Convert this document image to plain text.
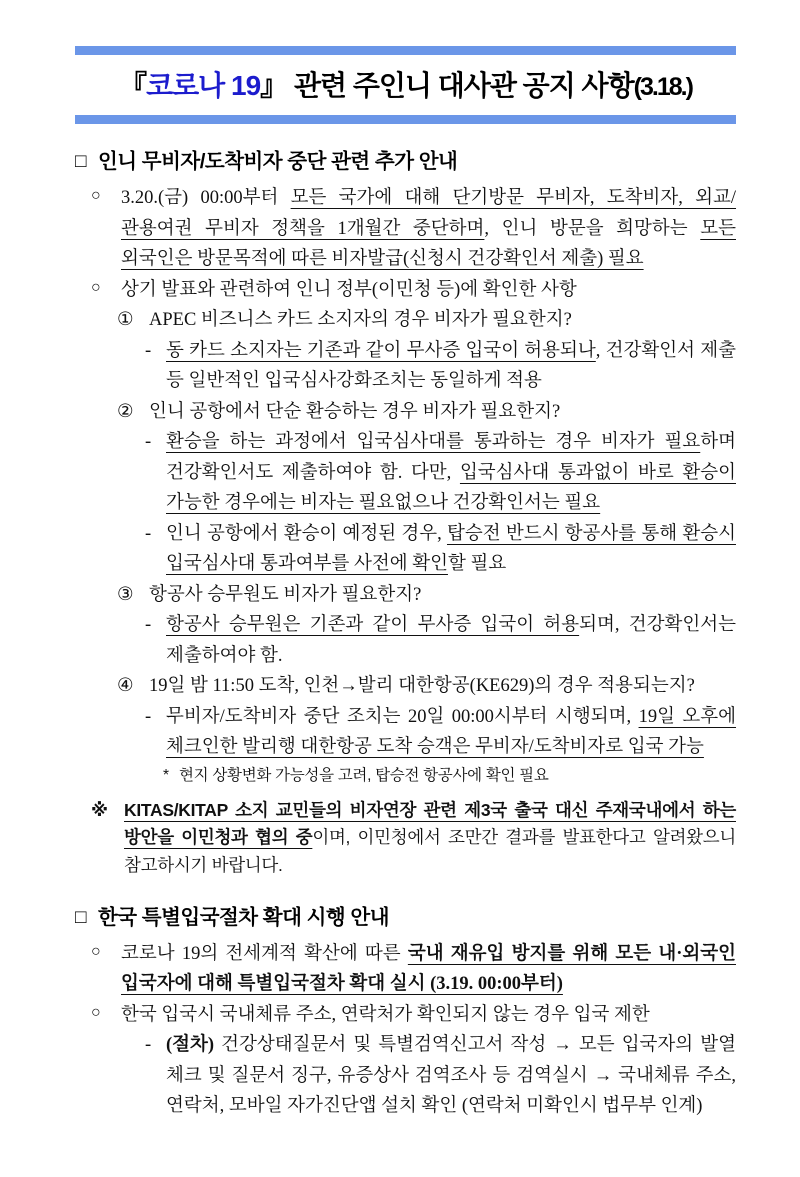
『코로나 19』 관련 주인니 대사관 공지 사항(3.18.)
□ 인니 무비자/도착비자 중단 관련 추가 안내
○ 3.20.(금) 00:00부터 모든 국가에 대해 단기방문 무비자, 도착비자, 외교/관용여권 무비자 정책을 1개월간 중단하며, 인니 방문을 희망하는 모든 외국인은 방문목적에 따른 비자발급(신청시 건강확인서 제출) 필요
○ 상기 발표와 관련하여 인니 정부(이민청 등)에 확인한 사항
① APEC 비즈니스 카드 소지자의 경우 비자가 필요한지?
- 동 카드 소지자는 기존과 같이 무사증 입국이 허용되나, 건강확인서 제출 등 일반적인 입국심사강화조치는 동일하게 적용
② 인니 공항에서 단순 환승하는 경우 비자가 필요한지?
- 환승을 하는 과정에서 입국심사대를 통과하는 경우 비자가 필요하며 건강확인서도 제출하여야 함. 다만, 입국심사대 통과없이 바로 환승이 가능한 경우에는 비자는 필요없으나 건강확인서는 필요
- 인니 공항에서 환승이 예정된 경우, 탑승전 반드시 항공사를 통해 환승시 입국심사대 통과여부를 사전에 확인할 필요
③ 항공사 승무원도 비자가 필요한지?
- 항공사 승무원은 기존과 같이 무사증 입국이 허용되며, 건강확인서는 제출하여야 함.
④ 19일 밤 11:50 도착, 인천→발리 대한항공(KE629)의 경우 적용되는지?
- 무비자/도착비자 중단 조치는 20일 00:00시부터 시행되며, 19일 오후에 체크인한 발리행 대한항공 도착 승객은 무비자/도착비자로 입국 가능
* 현지 상황변화 가능성을 고려, 탑승전 항공사에 확인 필요
※ KITAS/KITAP 소지 교민들의 비자연장 관련 제3국 출국 대신 주재국내에서 하는 방안을 이민청과 협의 중이며, 이민청에서 조만간 결과를 발표한다고 알려왔으니 참고하시기 바랍니다.
□ 한국 특별입국절차 확대 시행 안내
○ 코로나 19의 전세계적 확산에 따른 국내 재유입 방지를 위해 모든 내·외국인 입국자에 대해 특별입국절차 확대 실시 (3.19. 00:00부터)
○ 한국 입국시 국내체류 주소, 연락처가 확인되지 않는 경우 입국 제한
- (절차) 건강상태질문서 및 특별검역신고서 작성 → 모든 입국자의 발열 체크 및 질문서 징구, 유증상사 검역조사 등 검역실시 → 국내체류 주소, 연락처, 모바일 자가진단앱 설치 확인 (연락처 미확인시 법무부 인계)
